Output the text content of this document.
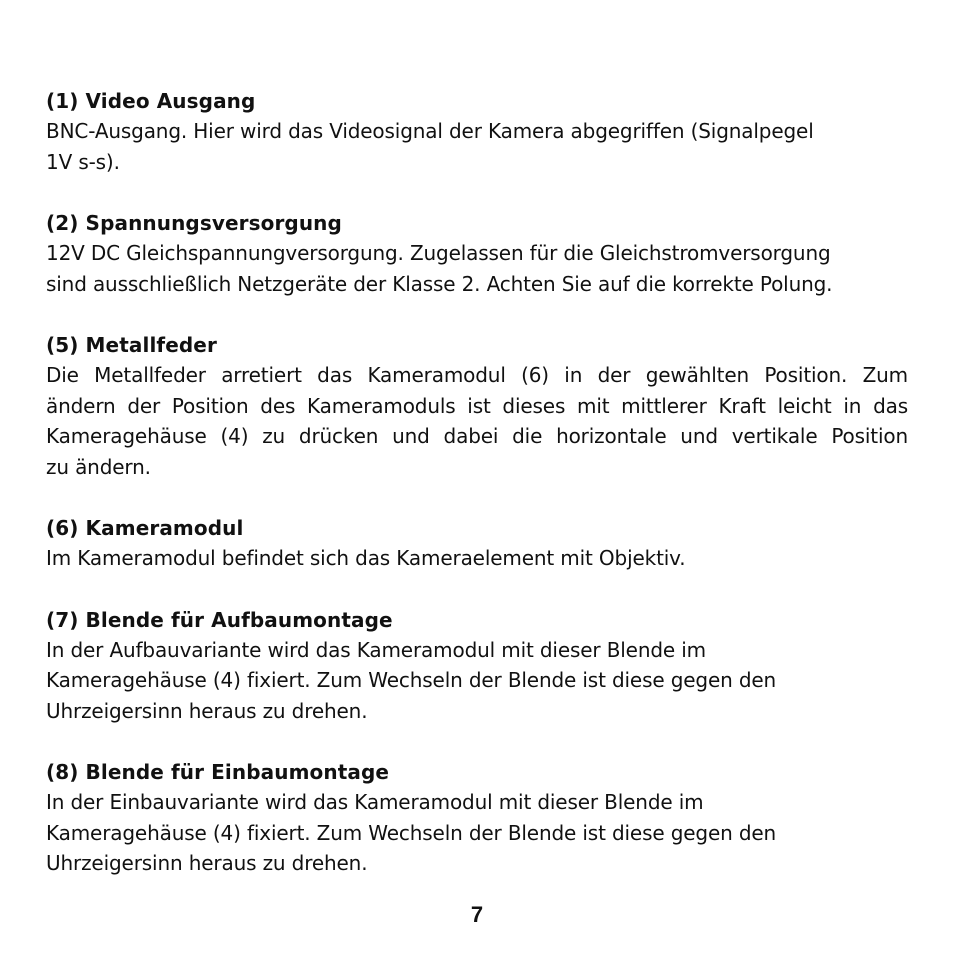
(1) Video Ausgang

BNC-Ausgang. Hier wird das Videosignal der Kamera abgegriffen (Signalpegel

1V s-s).

(2) Spannungsversorgung

12V DC Gleichspannungversorgung. Zugelassen für die Gleichstromversorgung

sind ausschließlich Netzgeräte der Klasse 2. Achten Sie auf die korrekte Polung.

(5) Metallfeder

Die Metallfeder arretiert das Kameramodul (6) in der gewählten Position. Zum

ändern der Position des Kameramoduls ist dieses mit mittlerer Kraft leicht in das

Kameragehäuse (4) zu drücken und dabei die horizontale und vertikale Position

zu ändern.

(6) Kameramodul

Im Kameramodul befindet sich das Kameraelement mit Objektiv.

(7) Blende für Aufbaumontage

In der Aufbauvariante wird das Kameramodul mit dieser Blende im

Kameragehäuse (4) fixiert. Zum Wechseln der Blende ist diese gegen den

Uhrzeigersinn heraus zu drehen.

(8) Blende für Einbaumontage

In der Einbauvariante wird das Kameramodul mit dieser Blende im

Kameragehäuse (4) fixiert. Zum Wechseln der Blende ist diese gegen den

Uhrzeigersinn heraus zu drehen.

7
